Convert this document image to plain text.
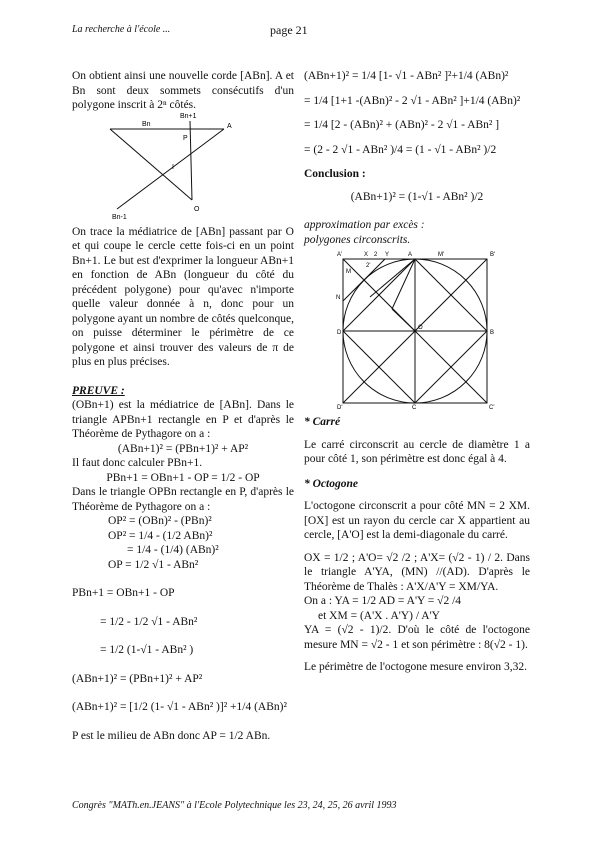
La recherche à l'école ...	page 21

On obtient ainsi une nouvelle corde [ABn]. A et Bn sont deux sommets consécutifs d'un polygone inscrit à 2ⁿ côtés.

Bn
Bn+1
A
P
I
O
Bn-1

On trace la médiatrice de [ABn] passant par O et qui coupe le cercle cette fois-ci en un point Bn+1. Le but est d'exprimer la longueur ABn+1 en fonction de ABn (longueur du côté du précédent polygone) pour qu'avec n'importe quelle valeur donnée à n, donc pour un polygone ayant un nombre de côtés quelconque, on puisse déterminer le périmètre de ce polygone et ainsi trouver des valeurs de π de plus en plus précises.

PREUVE :

(OBn+1) est la médiatrice de [ABn]. Dans le triangle APBn+1 rectangle en P et d'après le Théorème de Pythagore on a :

(ABn+1)² = (PBn+1)² + AP²

Il faut donc calculer PBn+1.

PBn+1 = OBn+1 - OP = 1/2 - OP

Dans le triangle OPBn rectangle en P, d'après le Théorème de Pythagore on a :

OP² = (OBn)² - (PBn)²

OP² = 1/4 - (1/2 ABn)²

= 1/4 - (1/4) (ABn)²

OP = 1/2 √1 - ABn²

PBn+1 = OBn+1 - OP

= 1/2 - 1/2 √1 - ABn²

= 1/2 (1-√1 - ABn² )

(ABn+1)² = (PBn+1)² + AP²

(ABn+1)² = [1/2 (1- √1 - ABn² )]² +1/4 (ABn)²

P est le milieu de ABn donc AP = 1/2 ABn.

(ABn+1)² = 1/4 [1- √1 - ABn² ]²+1/4 (ABn)²

= 1/4 [1+1 -(ABn)² - 2 √1 - ABn² ]+1/4 (ABn)²

= 1/4 [2 - (ABn)² + (ABn)² - 2 √1 - ABn² ]

= (2 - 2 √1 - ABn² )/4 = (1 - √1 - ABn² )/2

Conclusion :

(ABn+1)² = (1-√1 - ABn² )/2

approximation par excès :

polygones circonscrits.

A'	X	Y
2
2'
A	M'	B'
M
N
O
D	B
D'	C	C'

* Carré

Le carré circonscrit au cercle de diamètre 1 a pour côté 1, son périmètre est donc égal à 4.

* Octogone

L'octogone circonscrit a pour côté MN = 2 XM. [OX] est un rayon du cercle car X appartient au cercle, [A'O] est la demi-diagonale du carré.

OX = 1/2 ; A'O= √2 /2 ; A'X= (√2 - 1) / 2. Dans le triangle A'YA, (MN) //(AD). D'après le Théorème de Thalès : A'X/A'Y = XM/YA.

On a : YA = 1/2 AD = A'Y = √2 /4

et XM = (A'X . A'Y) / A'Y

YA = (√2 - 1)/2. D'où le côté de l'octogone mesure MN = √2 - 1 et son périmètre : 8(√2 - 1).

Le périmètre de l'octogone mesure environ 3,32.

Congrès "MATh.en.JEANS" à l'Ecole Polytechnique les 23, 24, 25, 26 avril 1993
